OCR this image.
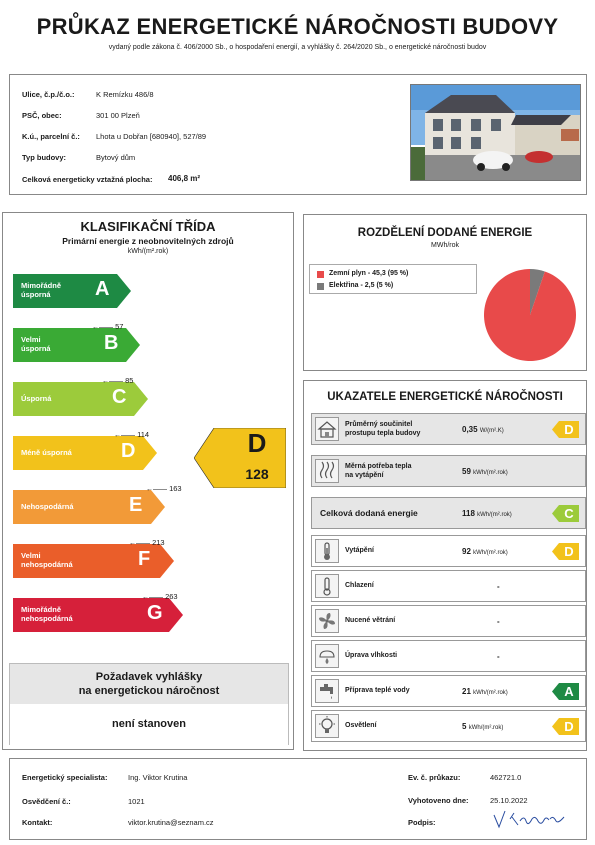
PRŮKAZ ENERGETICKÉ NÁROČNOSTI BUDOVY
vydaný podle zákona č. 406/2000 Sb., o hospodaření energií, a vyhlášky č. 264/2020 Sb., o energetické náročnosti budov
Ulice, č.p./č.o.:	K Remízku 486/8
PSČ, obec:	301 00 Plzeň
K.ú., parcelní č.: Lhota u Dobřan [680940], 527/89
Typ budovy:	Bytový dům
Celková energeticky vztažná plocha: 406,8 m²
KLASIFIKAČNÍ TŘÍDA
Primární energie z neobnovitelných zdrojů
kWh/(m².rok)
Mimořádně
úsporná	A
Velmi
úsporná	B
Úsporná	C
Méně úsporná D
Nehospodárná	E
Velmi
nehospodárná	F
Mimořádně
nehospodárná	G
←—— 57
←—— 85
←—— 114
←—— 163
←—— 213
←—— 263
D
128
Požadavek vyhlášky
na energetickou náročnost
není stanoven
ROZDĚLENÍ DODANÉ ENERGIE
MWh/rok
Zemní plyn - 45,3 (95 %)
Elektřina - 2,5 (5 %)
UKAZATELE ENERGETICKÉ NÁROČNOSTI
Průměrný součinitel
prostupu tepla budovy	0,35 W/(m².K)	D
Měrná potřeba tepla
na vytápění	59 kWh/(m².rok)
Celková dodaná energie	118 kWh/(m².rok)	C
Vytápění	92 kWh/(m².rok)	D
Chlazení	-
Nucené větrání	-
Úprava vlhkosti	-
Příprava teplé vody	21 kWh/(m².rok)	A
Osvětlení	5 kWh/(m².rok)	D
Energetický specialista:	Ing. Viktor Krutina
Osvědčení č.:	1021
Kontakt:	viktor.krutina@seznam.cz
Ev. č. průkazu:	462721.0
Vyhotoveno dne:	25.10.2022
Podpis:
